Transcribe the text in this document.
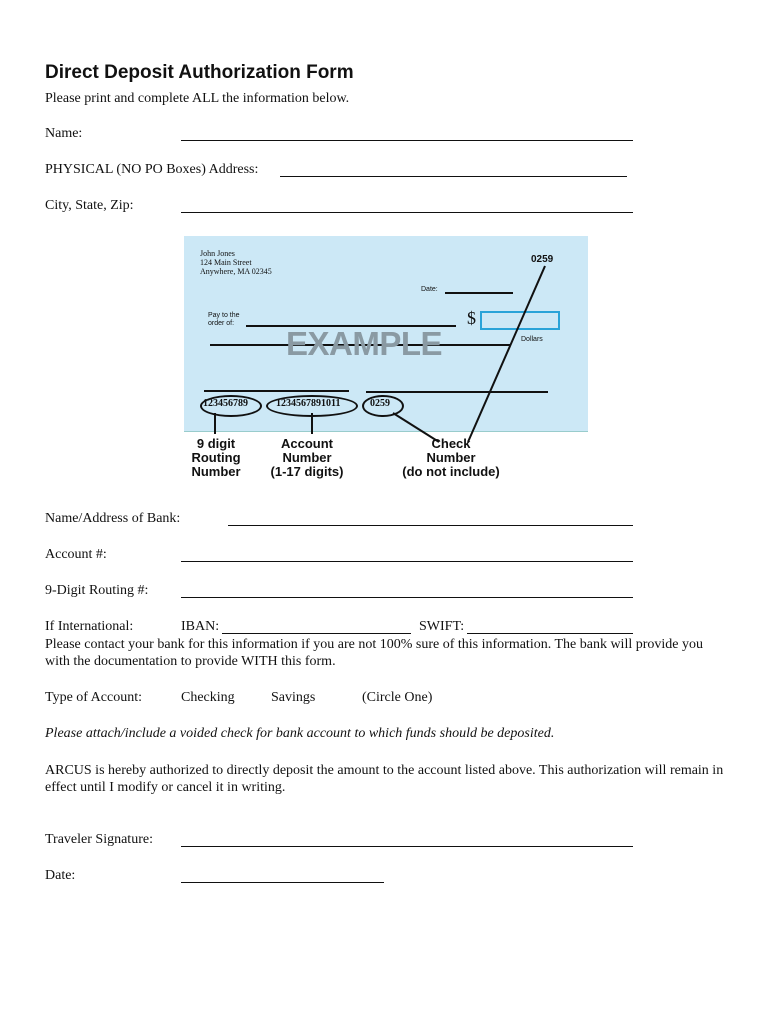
Direct Deposit Authorization Form
Please print and complete ALL the information below.
Name:
PHYSICAL (NO PO Boxes) Address:
City, State, Zip:
John Jones
124 Main Street
Anywhere, MA 02345
0259
Date:
Pay to the
order of:	$
EXAMPLE	Dollars
123456789	1234567891011	0259
9 digit
Routing
Number
Account
Number
(1-17 digits)
Check
Number
(do not include)
Name/Address of Bank:
Account #:
9-Digit Routing #:
If International:	IBAN:	SWIFT:
Please contact your bank for this information if you are not 100% sure of this information. The bank will provide you with the documentation to provide WITH this form.
Type of Account:	Checking	Savings	(Circle One)
Please attach/include a voided check for bank account to which funds should be deposited.
ARCUS is hereby authorized to directly deposit the amount to the account listed above. This authorization will remain in effect until I modify or cancel it in writing.
Traveler Signature:
Date:
